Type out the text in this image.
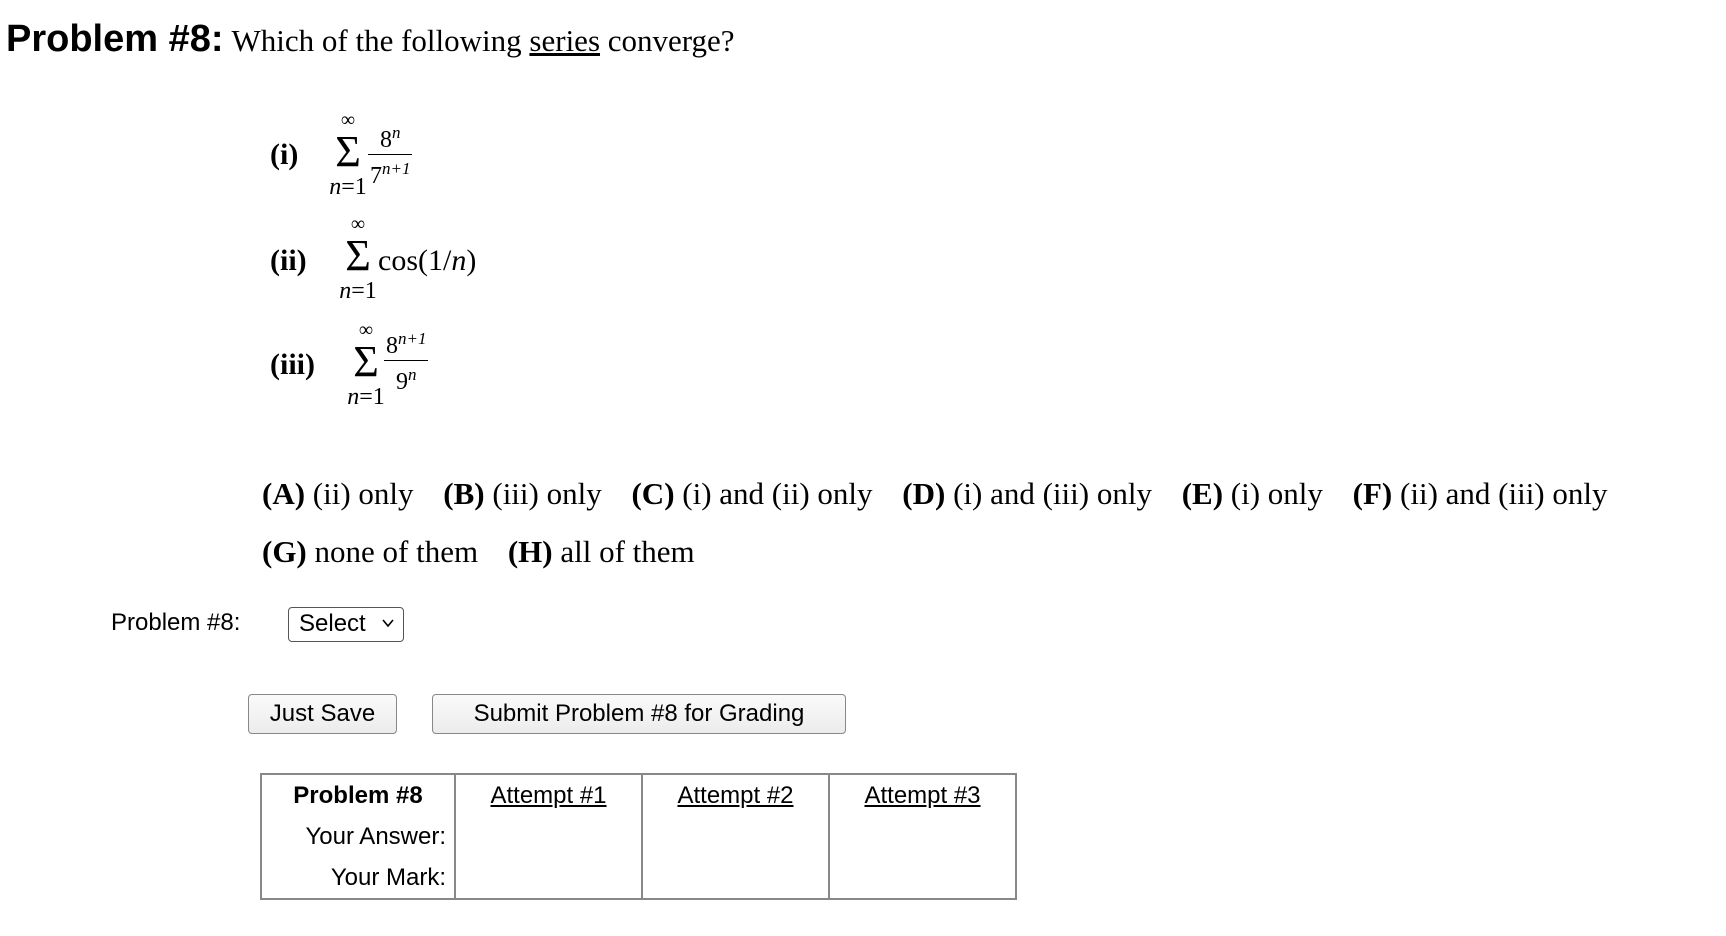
Problem #8: Which of the following series converge?
(i)
∞
Σ
n=1
8$^n$
$7^{n+1}$
(ii)
∞
Σ
n=1
cos(1/n)
(iii)
∞
Σ
n=1
$8^{n+1}$
9$^n$
(A) (ii) only (B) (iii) only (C) (i) and (ii) only (D) (i) and (iii) only (E) (i) only (F) (ii) and (iii) only
(G) none of them (H) all of them
Problem #8:	Select
Just Save	Submit Problem #8 for Grading
Problem #8	Attempt #1	Attempt #2	Attempt #3
Your Answer:			
Your Mark:			
